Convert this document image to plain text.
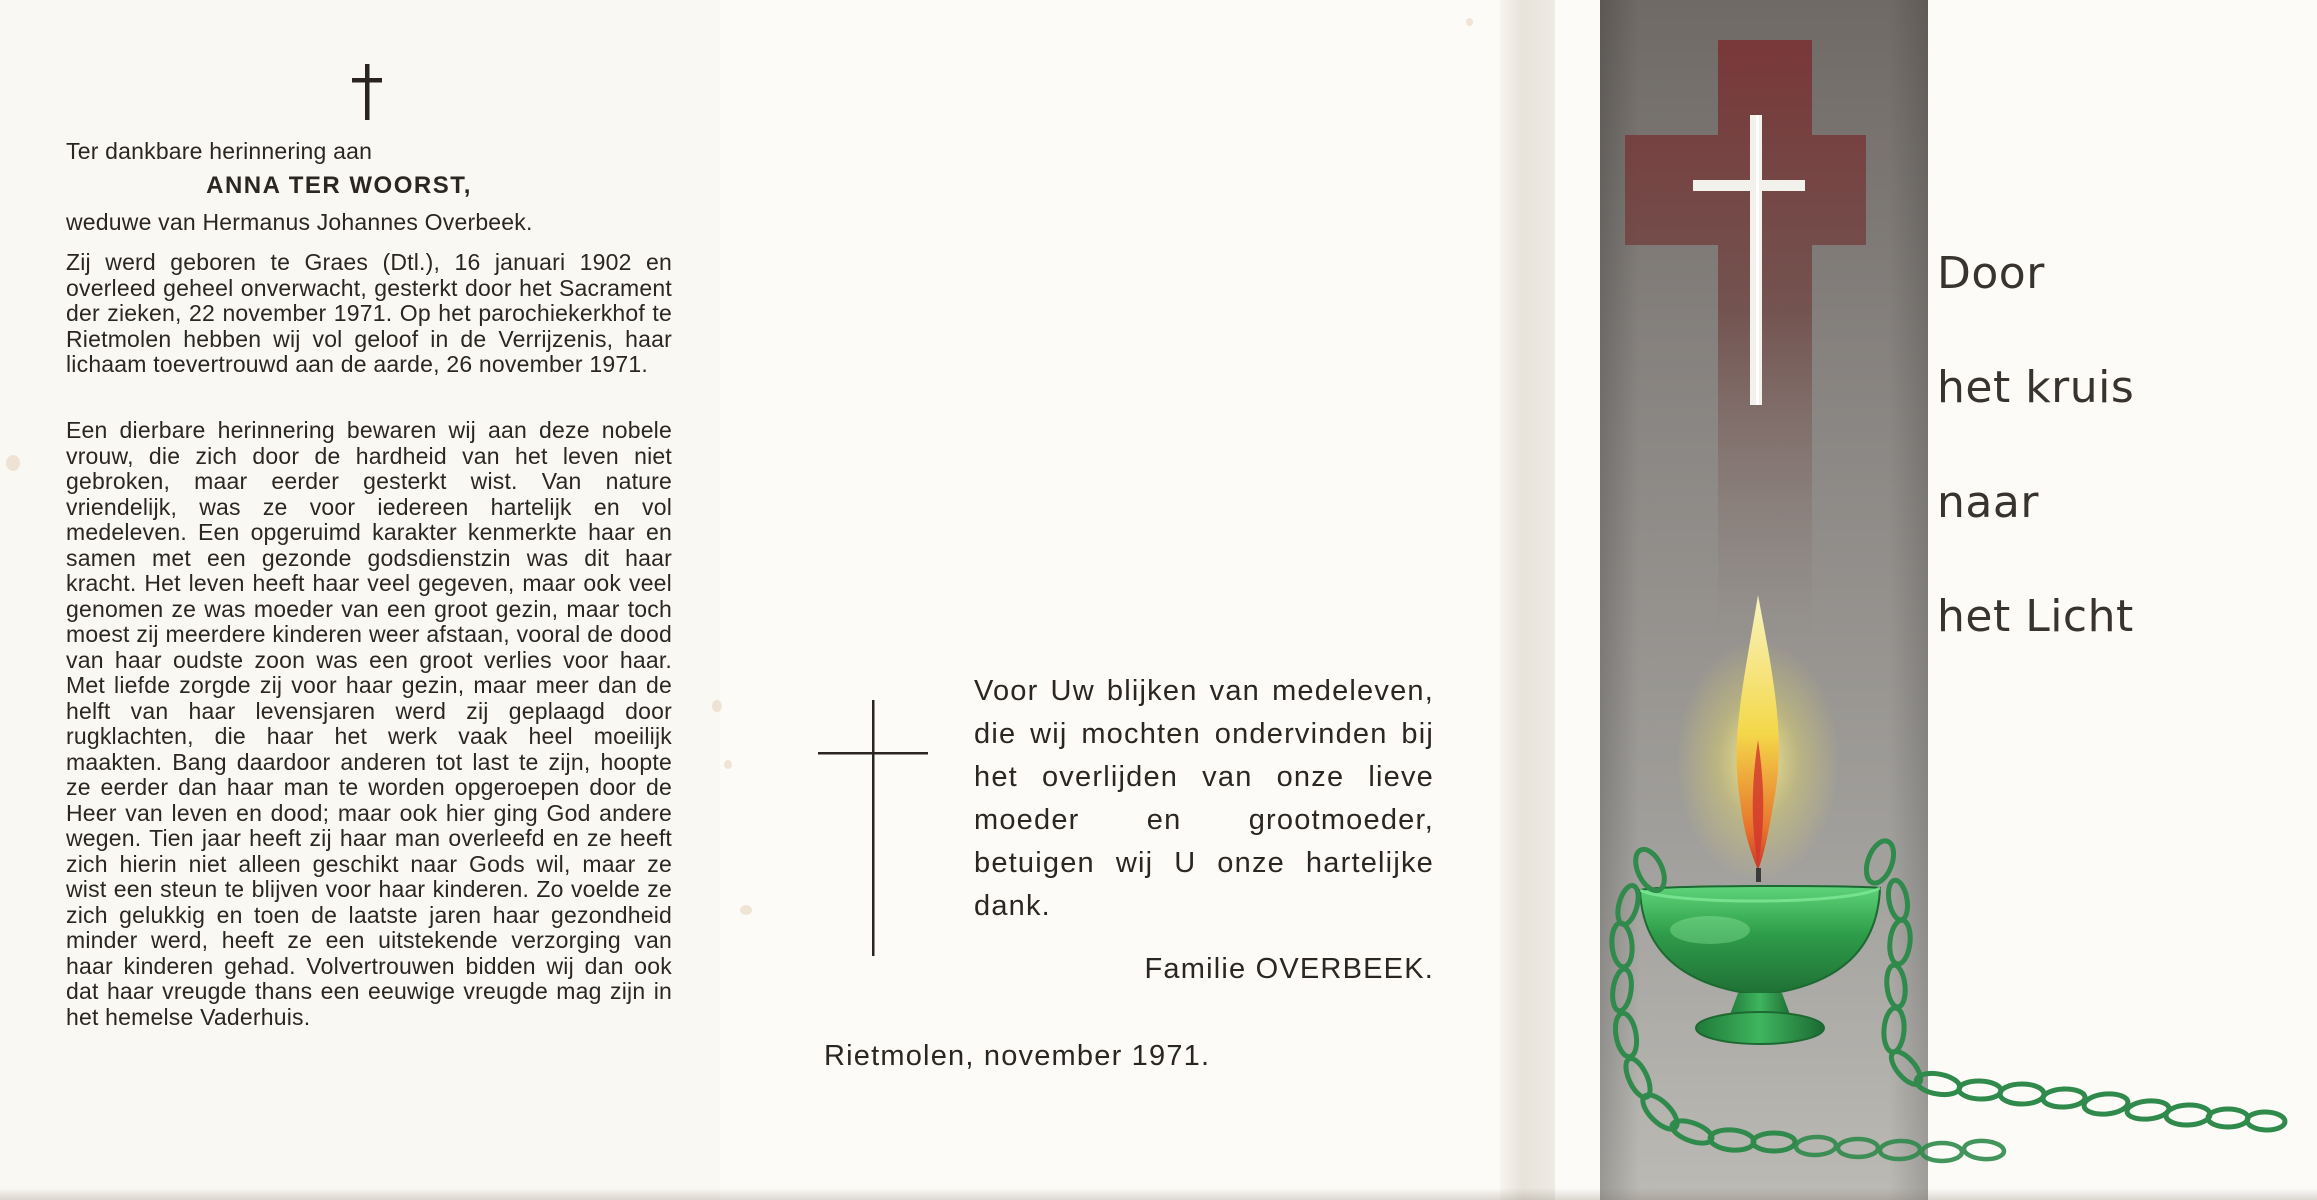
Ter dankbare herinnering aan
ANNA TER WOORST,
weduwe van Hermanus Johannes Overbeek.

Zij werd geboren te Graes (Dtl.), 16 januari 1902 en overleed geheel onverwacht, gesterkt door het Sacrament der zieken, 22 november 1971. Op het parochiekerkhof te Rietmolen hebben wij vol geloof in de Verrijzenis, haar lichaam toevertrouwd aan de aarde, 26 november 1971.

Een dierbare herinnering bewaren wij aan deze nobele vrouw, die zich door de hardheid van het leven niet gebroken, maar eerder gesterkt wist. Van nature vriendelijk, was ze voor iedereen hartelijk en vol medeleven. Een opgeruimd karakter kenmerkte haar en samen met een gezonde godsdienstzin was dit haar kracht. Het leven heeft haar veel gegeven, maar ook veel genomen ze was moeder van een groot gezin, maar toch moest zij meerdere kinderen weer afstaan, vooral de dood van haar oudste zoon was een groot verlies voor haar. Met liefde zorgde zij voor haar gezin, maar meer dan de helft van haar levensjaren werd zij geplaagd door rugklachten, die haar het werk vaak heel moeilijk maakten. Bang daardoor anderen tot last te zijn, hoopte ze eerder dan haar man te worden opgeroepen door de Heer van leven en dood; maar ook hier ging God andere wegen. Tien jaar heeft zij haar man overleefd en ze heeft zich hierin niet alleen geschikt naar Gods wil, maar ze wist een steun te blijven voor haar kinderen. Zo voelde ze zich gelukkig en toen de laatste jaren haar gezondheid minder werd, heeft ze een uitstekende verzorging van haar kinderen gehad. Volvertrouwen bidden wij dan ook dat haar vreugde thans een eeuwige vreugde mag zijn in het hemelse Vaderhuis.

Voor Uw blijken van medeleven, die wij mochten ondervinden bij het overlijden van onze lieve moeder en grootmoeder, betuigen wij U onze hartelijke dank.
Familie OVERBEEK.
Rietmolen, november 1971.
Door
het kruis
naar
het Licht
